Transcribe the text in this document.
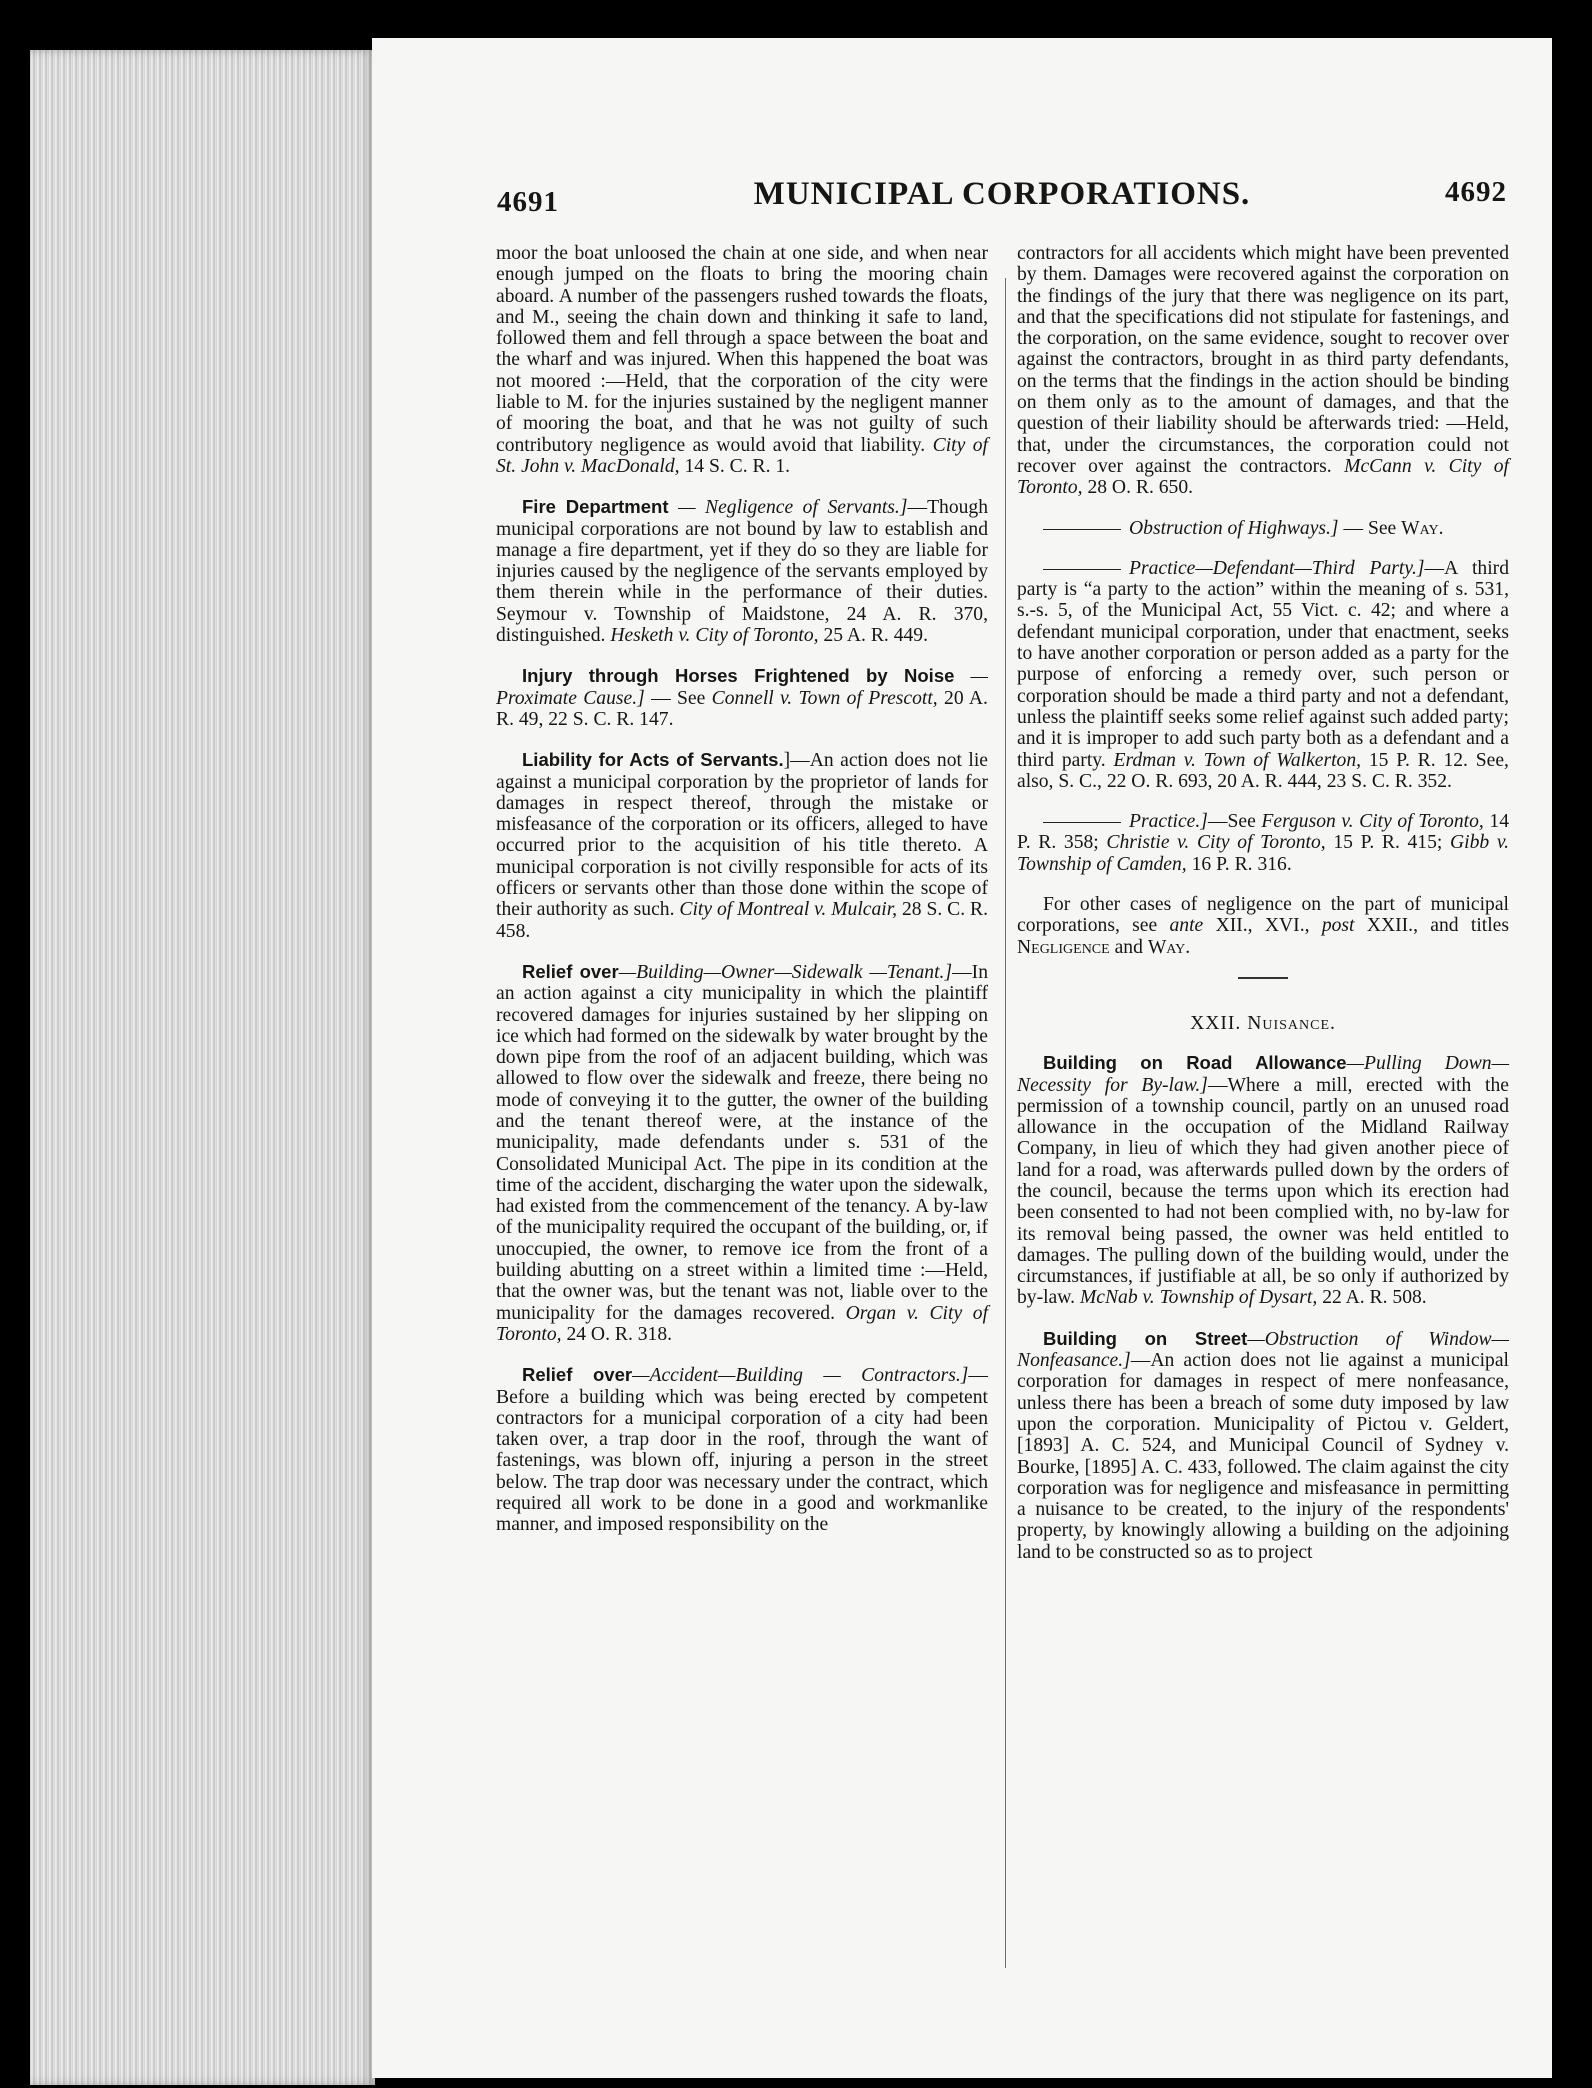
4691	MUNICIPAL CORPORATIONS.	4692

moor the boat unloosed the chain at one side, and when near enough jumped on the floats to bring the mooring chain aboard. A number of the passengers rushed towards the floats, and M., seeing the chain down and thinking it safe to land, followed them and fell through a space between the boat and the wharf and was injured. When this happened the boat was not moored :—Held, that the corporation of the city were liable to M. for the injuries sustained by the negligent manner of mooring the boat, and that he was not guilty of such contributory negligence as would avoid that liability. City of St. John v. MacDonald, 14 S. C. R. 1.

Fire Department — Negligence of Servants.]—Though municipal corporations are not bound by law to establish and manage a fire department, yet if they do so they are liable for injuries caused by the negligence of the servants employed by them therein while in the performance of their duties. Seymour v. Township of Maidstone, 24 A. R. 370, distinguished. Hesketh v. City of Toronto, 25 A. R. 449.

Injury through Horses Frightened by Noise — Proximate Cause.] — See Connell v. Town of Prescott, 20 A. R. 49, 22 S. C. R. 147.

Liability for Acts of Servants.]—An action does not lie against a municipal corporation by the proprietor of lands for damages in respect thereof, through the mistake or misfeasance of the corporation or its officers, alleged to have occurred prior to the acquisition of his title thereto. A municipal corporation is not civilly responsible for acts of its officers or servants other than those done within the scope of their authority as such. City of Montreal v. Mulcair, 28 S. C. R. 458.

Relief over—Building—Owner—Sidewalk —Tenant.]—In an action against a city municipality in which the plaintiff recovered damages for injuries sustained by her slipping on ice which had formed on the sidewalk by water brought by the down pipe from the roof of an adjacent building, which was allowed to flow over the sidewalk and freeze, there being no mode of conveying it to the gutter, the owner of the building and the tenant thereof were, at the instance of the municipality, made defendants under s. 531 of the Consolidated Municipal Act. The pipe in its condition at the time of the accident, discharging the water upon the sidewalk, had existed from the commencement of the tenancy. A by-law of the municipality required the occupant of the building, or, if unoccupied, the owner, to remove ice from the front of a building abutting on a street within a limited time :—Held, that the owner was, but the tenant was not, liable over to the municipality for the damages recovered. Organ v. City of Toronto, 24 O. R. 318.

Relief over—Accident—Building — Contractors.]—Before a building which was being erected by competent contractors for a municipal corporation of a city had been taken over, a trap door in the roof, through the want of fastenings, was blown off, injuring a person in the street below. The trap door was necessary under the contract, which required all work to be done in a good and workmanlike manner, and imposed responsibility on the

contractors for all accidents which might have been prevented by them. Damages were recovered against the corporation on the findings of the jury that there was negligence on its part, and that the specifications did not stipulate for fastenings, and the corporation, on the same evidence, sought to recover over against the contractors, brought in as third party defendants, on the terms that the findings in the action should be binding on them only as to the amount of damages, and that the question of their liability should be afterwards tried: —Held, that, under the circumstances, the corporation could not recover over against the contractors. McCann v. City of Toronto, 28 O. R. 650.

Obstruction of Highways.] — See Way.

Practice—Defendant—Third Party.]—A third party is “a party to the action” within the meaning of s. 531, s.-s. 5, of the Municipal Act, 55 Vict. c. 42; and where a defendant municipal corporation, under that enactment, seeks to have another corporation or person added as a party for the purpose of enforcing a remedy over, such person or corporation should be made a third party and not a defendant, unless the plaintiff seeks some relief against such added party; and it is improper to add such party both as a defendant and a third party. Erdman v. Town of Walkerton, 15 P. R. 12. See, also, S. C., 22 O. R. 693, 20 A. R. 444, 23 S. C. R. 352.

Practice.]—See Ferguson v. City of Toronto, 14 P. R. 358; Christie v. City of Toronto, 15 P. R. 415; Gibb v. Township of Camden, 16 P. R. 316.

For other cases of negligence on the part of municipal corporations, see ante XII., XVI., post XXII., and titles Negligence and Way.

XXII. Nuisance.

Building on Road Allowance—Pulling Down—Necessity for By-law.]—Where a mill, erected with the permission of a township council, partly on an unused road allowance in the occupation of the Midland Railway Company, in lieu of which they had given another piece of land for a road, was afterwards pulled down by the orders of the council, because the terms upon which its erection had been consented to had not been complied with, no by-law for its removal being passed, the owner was held entitled to damages. The pulling down of the building would, under the circumstances, if justifiable at all, be so only if authorized by by-law. McNab v. Township of Dysart, 22 A. R. 508.

Building on Street—Obstruction of Window—Nonfeasance.]—An action does not lie against a municipal corporation for damages in respect of mere nonfeasance, unless there has been a breach of some duty imposed by law upon the corporation. Municipality of Pictou v. Geldert, [1893] A. C. 524, and Municipal Council of Sydney v. Bourke, [1895] A. C. 433, followed. The claim against the city corporation was for negligence and misfeasance in permitting a nuisance to be created, to the injury of the respondents' property, by knowingly allowing a building on the adjoining land to be constructed so as to project
